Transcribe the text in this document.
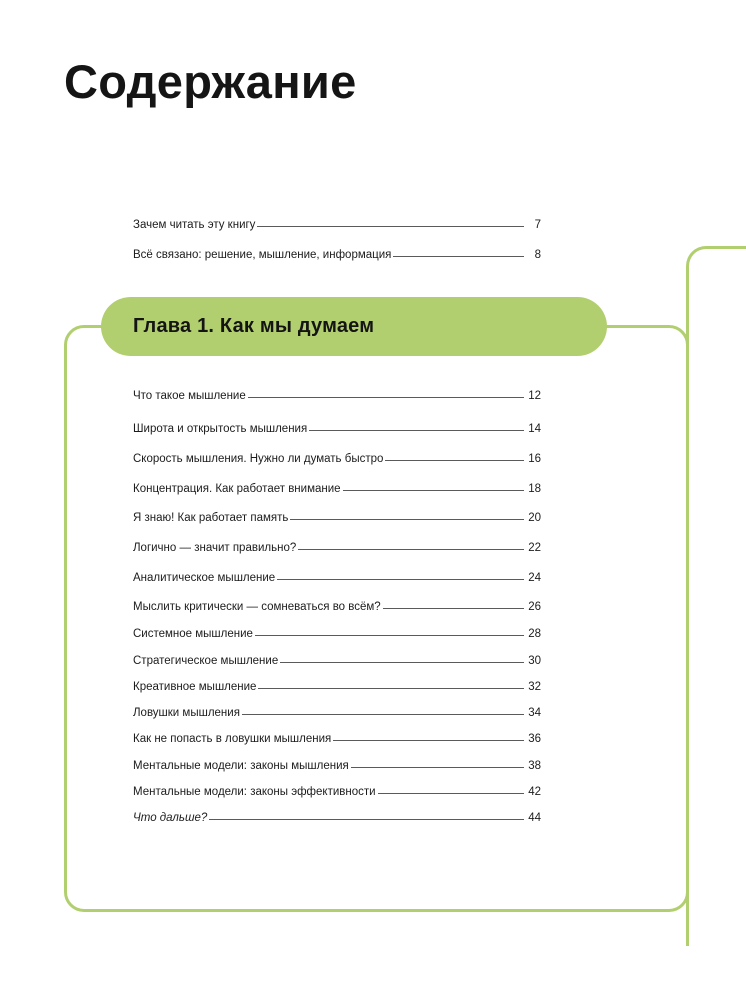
Содержание
Глава 1. Как мы думаем
Зачем читать эту книгу	7
Всё связано: решение, мышление, информация	8
Что такое мышление	12
Широта и открытость мышления	14
Скорость мышления. Нужно ли думать быстро	16
Концентрация. Как работает внимание	18
Я знаю! Как работает память	20
Логично — значит правильно?	22
Аналитическое мышление	24
Мыслить критически — сомневаться во всём?	26
Системное мышление	28
Стратегическое мышление	30
Креативное мышление	32
Ловушки мышления	34
Как не попасть в ловушки мышления	36
Ментальные модели: законы мышления	38
Ментальные модели: законы эффективности	42
Что дальше?	44
